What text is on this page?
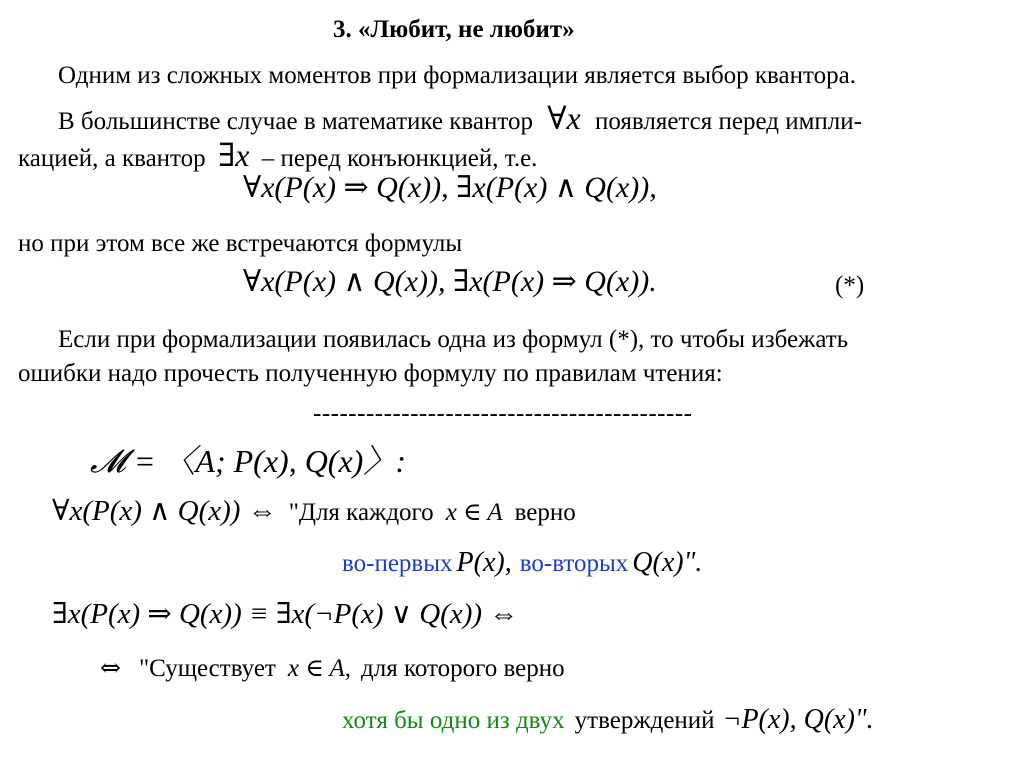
3. «Любит, не любит»
Одним из сложных моментов при формализации является выбор квантора.
В большинстве случае в математике квантор ∀x появляется перед импли-
кацией, а квантор ∃x – перед конъюнкцией, т.е.
∀x(P(x) ⇒ Q(x)), ∃x(P(x) ∧ Q(x)),
но при этом все же встречаются формулы
∀x(P(x) ∧ Q(x)), ∃x(P(x) ⇒ Q(x)).	(*)
Если при формализации появилась одна из формул (*), то чтобы избежать
ошибки надо прочесть полученную формулу по правилам чтения:
-------------------------------------------
𝓜 = 〈A; P(x), Q(x)〉:
∀x(P(x) ∧ Q(x)) ⇔ "Для каждого x ∈ A верно
во-первых P(x), во-вторых Q(x)".
∃x(P(x) ⇒ Q(x)) ≡ ∃x(¬P(x) ∨ Q(x)) ⇔
⇔ "Существует x ∈ A, для которого верно
хотя бы одно из двух утверждений ¬P(x), Q(x)".
